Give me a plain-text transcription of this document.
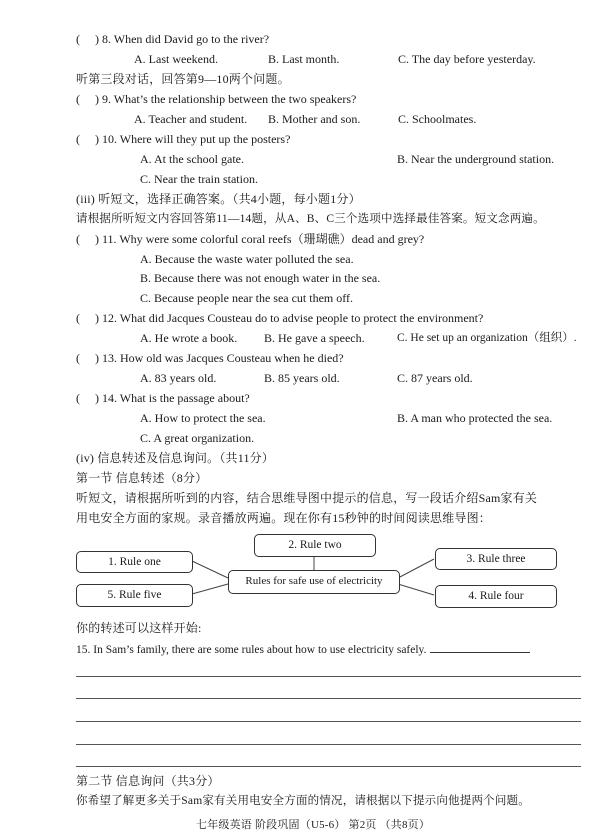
( ) 8. When did David go to the river?
A. Last weekend.	B. Last month.	C. The day before yesterday.
听第三段对话，回答第9—10两个问题。
( ) 9. What’s the relationship between the two speakers?
A. Teacher and student. B. Mother and son.	C. Schoolmates.
( ) 10. Where will they put up the posters?
A. At the school gate.	B. Near the underground station.
C. Near the train station.
(iii) 听短文，选择正确答案。（共4小题，每小题1分）
请根据所听短文内容回答第11—14题，从A、B、C三个选项中选择最佳答案。短文念两遍。
( ) 11. Why were some colorful coral reefs（珊瑚礁）dead and grey?
A. Because the waste water polluted the sea.
B. Because there was not enough water in the sea.
C. Because people near the sea cut them off.
( ) 12. What did Jacques Cousteau do to advise people to protect the environment?
A. He wrote a book. B. He gave a speech.	C. He set up an organization（组织）.
( ) 13. How old was Jacques Cousteau when he died?
A. 83 years old.	B. 85 years old.	C. 87 years old.
( ) 14. What is the passage about?
A. How to protect the sea.	B. A man who protected the sea.
C. A great organization.
(iv) 信息转述及信息询问。（共11分）
第一节 信息转述（8分）
听短文，请根据所听到的内容，结合思维导图中提示的信息，写一段话介绍Sam家有关
用电安全方面的家规。录音播放两遍。现在你有15秒钟的时间阅读思维导图：
2. Rule two
1. Rule one	3. Rule three
Rules for safe use of electricity
5. Rule five	4. Rule four
你的转述可以这样开始:
15. In Sam’s family, there are some rules about how to use electricity safely.
第二节 信息询问（共3分）
你希望了解更多关于Sam家有关用电安全方面的情况，请根据以下提示向他提两个问题。
七年级英语 阶段巩固（U5-6） 第2页 （共8页）
